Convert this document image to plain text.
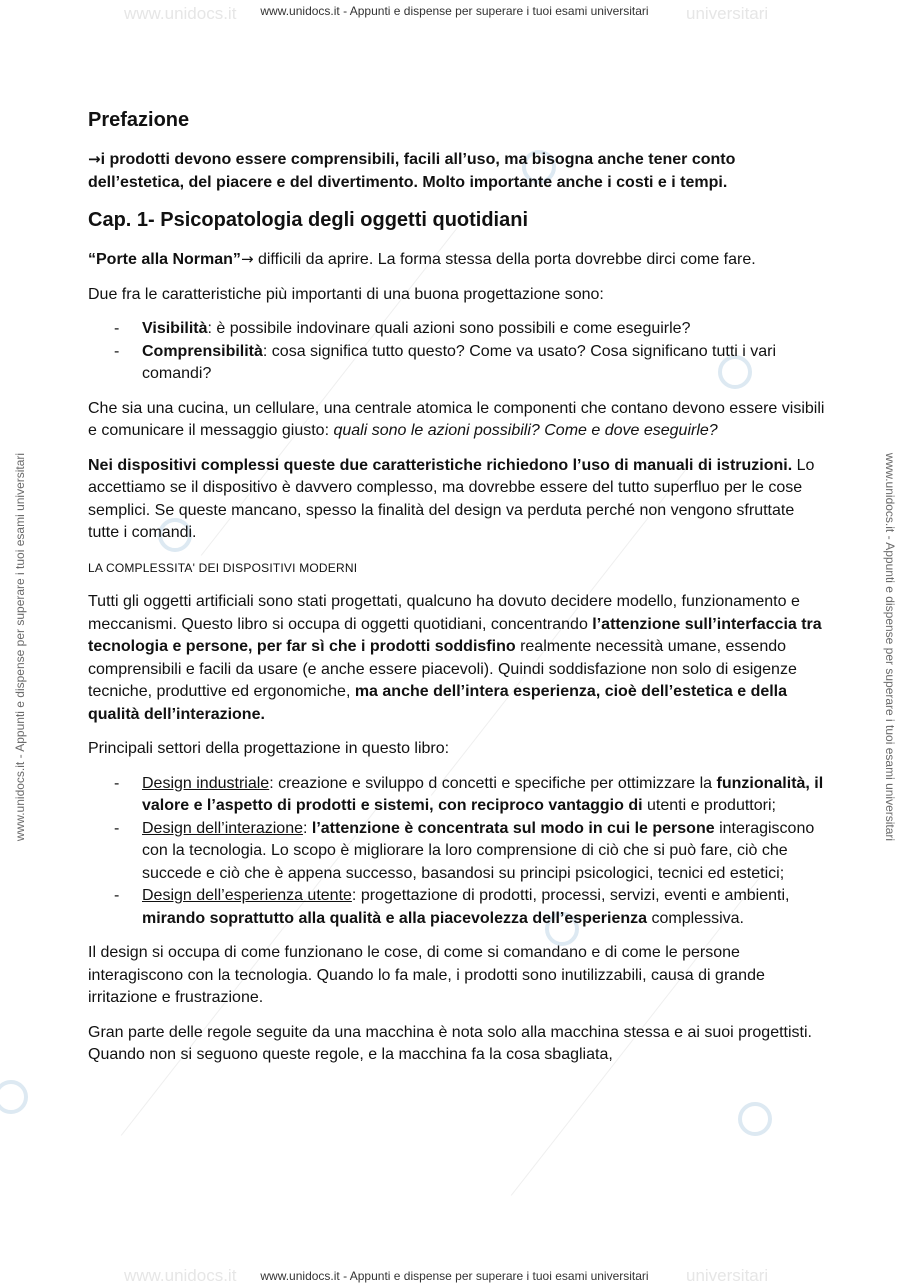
www.unidocs.it	universitari
www.unidocs.it	universitari
www.unidocs.it - Appunti e dispense per superare i tuoi esami universitari
www.unidocs.it - Appunti e dispense per superare i tuoi esami universitari
www.unidocs.it - Appunti e dispense per superare i tuoi esami universitari	www.unidocs.it - Appunti e dispense per superare i tuoi esami universitari
Prefazione

→i prodotti devono essere comprensibili, facili all’uso, ma bisogna anche tener conto dell’estetica, del piacere e del divertimento. Molto importante anche i costi e i tempi.

Cap. 1- Psicopatologia degli oggetti quotidiani

“Porte alla Norman”→ difficili da aprire. La forma stessa della porta dovrebbe dirci come fare.

Due fra le caratteristiche più importanti di una buona progettazione sono:

- Visibilità: è possibile indovinare quali azioni sono possibili e come eseguirle?
- Comprensibilità: cosa significa tutto questo? Come va usato? Cosa significano tutti i vari comandi?

Che sia una cucina, un cellulare, una centrale atomica le componenti che contano devono essere visibili e comunicare il messaggio giusto: quali sono le azioni possibili? Come e dove eseguirle?

Nei dispositivi complessi queste due caratteristiche richiedono l’uso di manuali di istruzioni. Lo accettiamo se il dispositivo è davvero complesso, ma dovrebbe essere del tutto superfluo per le cose semplici. Se queste mancano, spesso la finalità del design va perduta perché non vengono sfruttate tutte i comandi.

LA COMPLESSITA' DEI DISPOSITIVI MODERNI

Tutti gli oggetti artificiali sono stati progettati, qualcuno ha dovuto decidere modello, funzionamento e meccanismi. Questo libro si occupa di oggetti quotidiani, concentrando l’attenzione sull’interfaccia tra tecnologia e persone, per far sì che i prodotti soddisfino realmente necessità umane, essendo comprensibili e facili da usare (e anche essere piacevoli). Quindi soddisfazione non solo di esigenze tecniche, produttive ed ergonomiche, ma anche dell’intera esperienza, cioè dell’estetica e della qualità dell’interazione.

Principali settori della progettazione in questo libro:

- Design industriale: creazione e sviluppo d concetti e specifiche per ottimizzare la funzionalità, il valore e l’aspetto di prodotti e sistemi, con reciproco vantaggio di utenti e produttori;
- Design dell’interazione: l’attenzione è concentrata sul modo in cui le persone interagiscono con la tecnologia. Lo scopo è migliorare la loro comprensione di ciò che si può fare, ciò che succede e ciò che è appena successo, basandosi su principi psicologici, tecnici ed estetici;
- Design dell’esperienza utente: progettazione di prodotti, processi, servizi, eventi e ambienti, mirando soprattutto alla qualità e alla piacevolezza dell’esperienza complessiva.

Il design si occupa di come funzionano le cose, di come si comandano e di come le persone interagiscono con la tecnologia. Quando lo fa male, i prodotti sono inutilizzabili, causa di grande irritazione e frustrazione.

Gran parte delle regole seguite da una macchina è nota solo alla macchina stessa e ai suoi progettisti. Quando non si seguono queste regole, e la macchina fa la cosa sbagliata,
